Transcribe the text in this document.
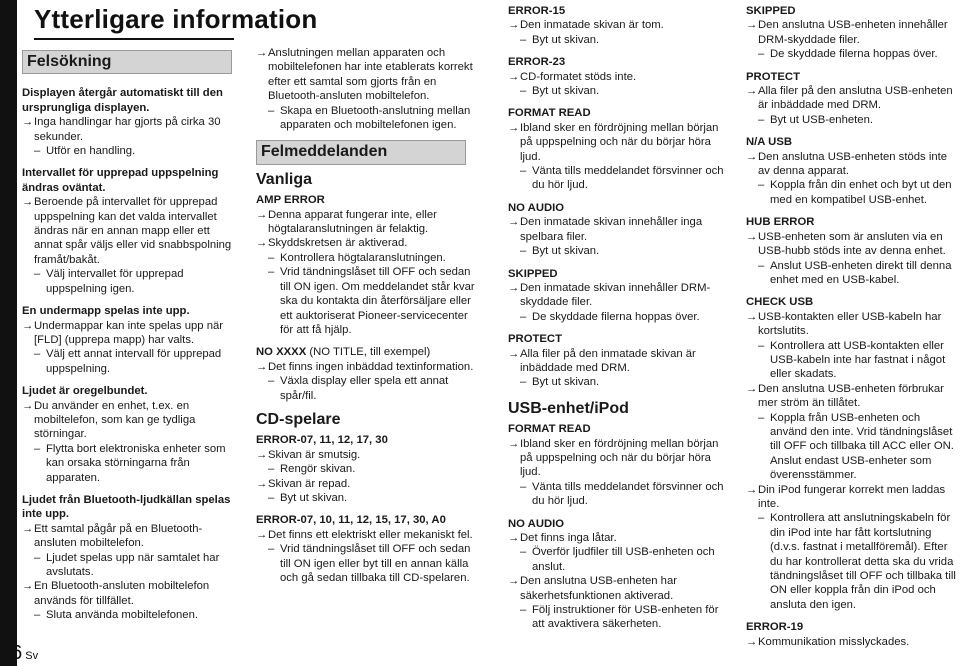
Ytterligare information
Felsökning
Displayen återgår automatiskt till den ursprungliga displayen.
→ Inga handlingar har gjorts på cirka 30 sekunder.
– Utför en handling.
Intervallet för upprepad uppspelning ändras oväntat.
→ Beroende på intervallet för upprepad uppspelning kan det valda intervallet ändras när en annan mapp eller ett annat spår väljs eller vid snabbspolning framåt/bakåt.
– Välj intervallet för upprepad uppspelning igen.
En undermapp spelas inte upp.
→ Undermappar kan inte spelas upp när [FLD] (upprepa mapp) har valts.
– Välj ett annat intervall för upprepad uppspelning.
Ljudet är oregelbundet.
→ Du använder en enhet, t.ex. en mobiltelefon, som kan ge tydliga störningar.
– Flytta bort elektroniska enheter som kan orsaka störningarna från apparaten.
Ljudet från Bluetooth-ljudkällan spelas inte upp.
→ Ett samtal pågår på en Bluetooth-ansluten mobiltelefon.
– Ljudet spelas upp när samtalet har avslutats.
→ En Bluetooth-ansluten mobiltelefon används för tillfället.
– Sluta använda mobiltelefonen.
→ Anslutningen mellan apparaten och mobiltelefonen har inte etablerats korrekt efter ett samtal som gjorts från en Bluetooth-ansluten mobiltelefon.
– Skapa en Bluetooth-anslutning mellan apparaten och mobiltelefonen igen.
Felmeddelanden
Vanliga
AMP ERROR
→ Denna apparat fungerar inte, eller högtalaranslutningen är felaktig.
→ Skyddskretsen är aktiverad.
– Kontrollera högtalaranslutningen.
– Vrid tändningslåset till OFF och sedan till ON igen. Om meddelandet står kvar ska du kontakta din återförsäljare eller ett auktoriserat Pioneer-servicecenter för att få hjälp.
NO XXXX (NO TITLE, till exempel)
→ Det finns ingen inbäddad textinformation.
– Växla display eller spela ett annat spår/fil.
CD-spelare
ERROR-07, 11, 12, 17, 30
→ Skivan är smutsig.
– Rengör skivan.
→ Skivan är repad.
– Byt ut skivan.
ERROR-07, 10, 11, 12, 15, 17, 30, A0
→ Det finns ett elektriskt eller mekaniskt fel.
– Vrid tändningslåset till OFF och sedan till ON igen eller byt till en annan källa och gå sedan tillbaka till CD-spelaren.
ERROR-15
→ Den inmatade skivan är tom.
– Byt ut skivan.
ERROR-23
→ CD-formatet stöds inte.
– Byt ut skivan.
FORMAT READ
→ Ibland sker en fördröjning mellan början på uppspelning och när du börjar höra ljud.
– Vänta tills meddelandet försvinner och du hör ljud.
NO AUDIO
→ Den inmatade skivan innehåller inga spelbara filer.
– Byt ut skivan.
SKIPPED
→ Den inmatade skivan innehåller DRM-skyddade filer.
– De skyddade filerna hoppas över.
PROTECT
→ Alla filer på den inmatade skivan är inbäddade med DRM.
– Byt ut skivan.
USB-enhet/iPod
FORMAT READ
→ Ibland sker en fördröjning mellan början på uppspelning och när du börjar höra ljud.
– Vänta tills meddelandet försvinner och du hör ljud.
NO AUDIO
→ Det finns inga låtar.
– Överför ljudfiler till USB-enheten och anslut.
→ Den anslutna USB-enheten har säkerhetsfunktionen aktiverad.
– Följ instruktioner för USB-enheten för att avaktivera säkerheten.
SKIPPED
→ Den anslutna USB-enheten innehåller DRM-skyddade filer.
– De skyddade filerna hoppas över.
PROTECT
→ Alla filer på den anslutna USB-enheten är inbäddade med DRM.
– Byt ut USB-enheten.
N/A USB
→ Den anslutna USB-enheten stöds inte av denna apparat.
– Koppla från din enhet och byt ut den med en kompatibel USB-enhet.
HUB ERROR
→ USB-enheten som är ansluten via en USB-hubb stöds inte av denna enhet.
– Anslut USB-enheten direkt till denna enhet med en USB-kabel.
CHECK USB
→ USB-kontakten eller USB-kabeln har kortslutits.
– Kontrollera att USB-kontakten eller USB-kabeln inte har fastnat i något eller skadats.
→ Den anslutna USB-enheten förbrukar mer ström än tillåtet.
– Koppla från USB-enheten och använd den inte. Vrid tändningslåset till OFF och tillbaka till ACC eller ON. Anslut endast USB-enheter som överensstämmer.
→ Din iPod fungerar korrekt men laddas inte.
– Kontrollera att anslutningskabeln för din iPod inte har fått kortslutning (d.v.s. fastnat i metallföremål). Efter du har kontrollerat detta ska du vrida tändningslåset till OFF och tillbaka till ON eller koppla från din iPod och ansluta den igen.
ERROR-19
→ Kommunikation misslyckades.
16 Sv
